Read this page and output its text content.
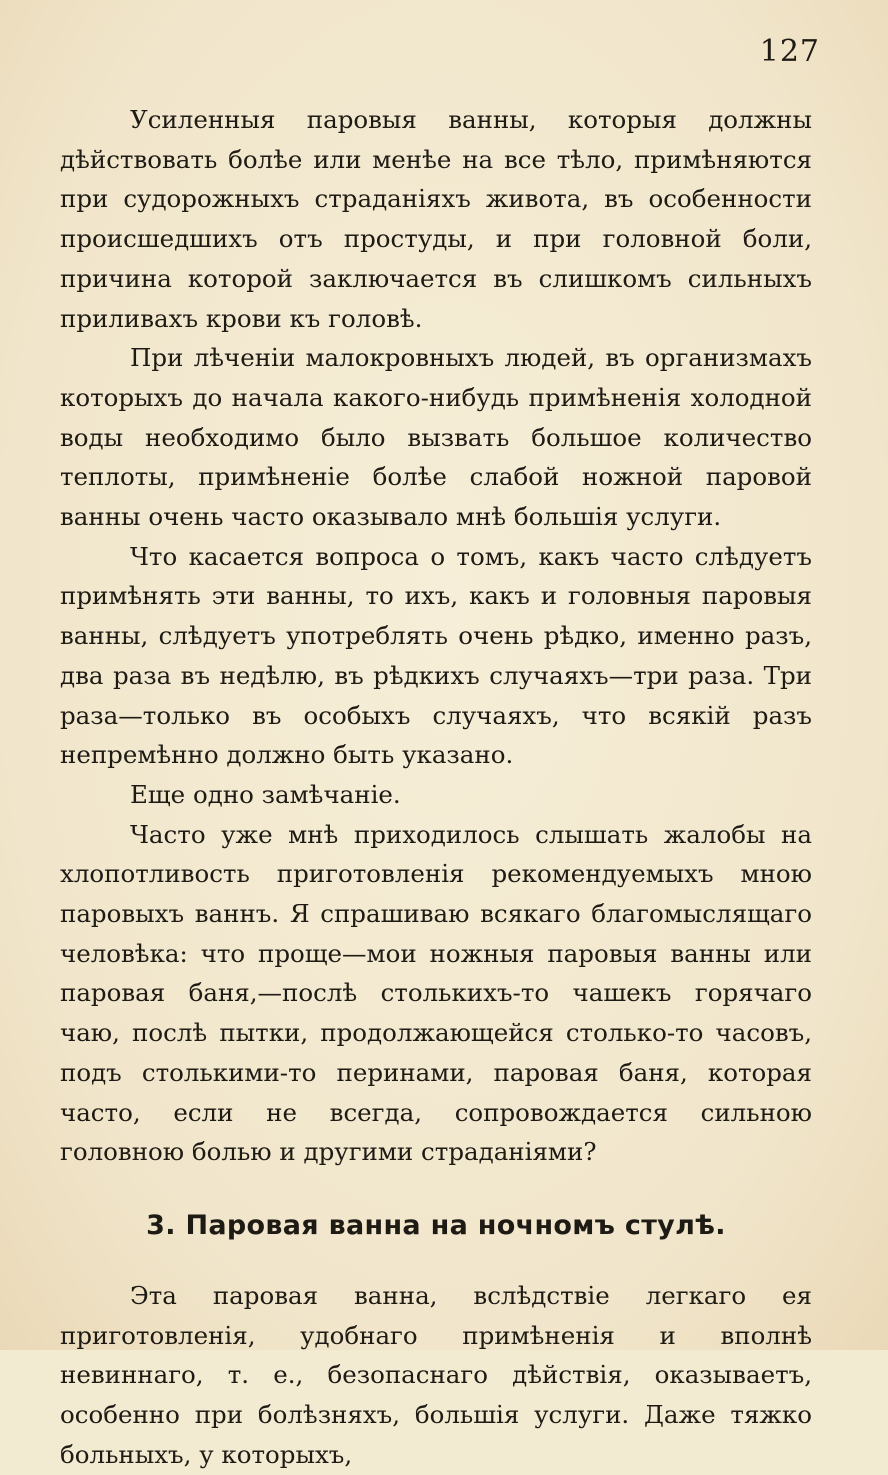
127

Усиленныя паровыя ванны, которыя должны дѣйствовать болѣе или менѣе на все тѣло, примѣняются при судорожныхъ страданіяхъ живота, въ особенности происшедшихъ отъ простуды, и при головной боли, причина которой заключается въ слишкомъ сильныхъ приливахъ крови къ головѣ.

При лѣченіи малокровныхъ людей, въ организмахъ которыхъ до начала какого-нибудь примѣненія холодной воды необходимо было вызвать большое количество теплоты, примѣненіе болѣе слабой ножной паровой ванны очень часто оказывало мнѣ большія услуги.

Что касается вопроса о томъ, какъ часто слѣдуетъ примѣнять эти ванны, то ихъ, какъ и головныя паровыя ванны, слѣдуетъ употреблять очень рѣдко, именно разъ, два раза въ недѣлю, въ рѣдкихъ случаяхъ—три раза. Три раза—только въ особыхъ случаяхъ, что всякій разъ непремѣнно должно быть указано.

Еще одно замѣчаніе.

Часто уже мнѣ приходилось слышать жалобы на хлопотливость приготовленія рекомендуемыхъ мною паровыхъ ваннъ. Я спрашиваю всякаго благомыслящаго человѣка: что проще—мои ножныя паровыя ванны или паровая баня,—послѣ столькихъ-то чашекъ горячаго чаю, послѣ пытки, продолжающейся столько-то часовъ, подъ столькими-то перинами, паровая баня, которая часто, если не всегда, сопровождается сильною головною болью и другими страданіями?

3. Паровая ванна на ночномъ стулѣ.

Эта паровая ванна, вслѣдствіе легкаго ея приготовленія, удобнаго примѣненія и вполнѣ невиннаго, т. е., безопаснаго дѣйствія, оказываетъ, особенно при болѣзняхъ, большія услуги. Даже тяжко больныхъ, у которыхъ,
